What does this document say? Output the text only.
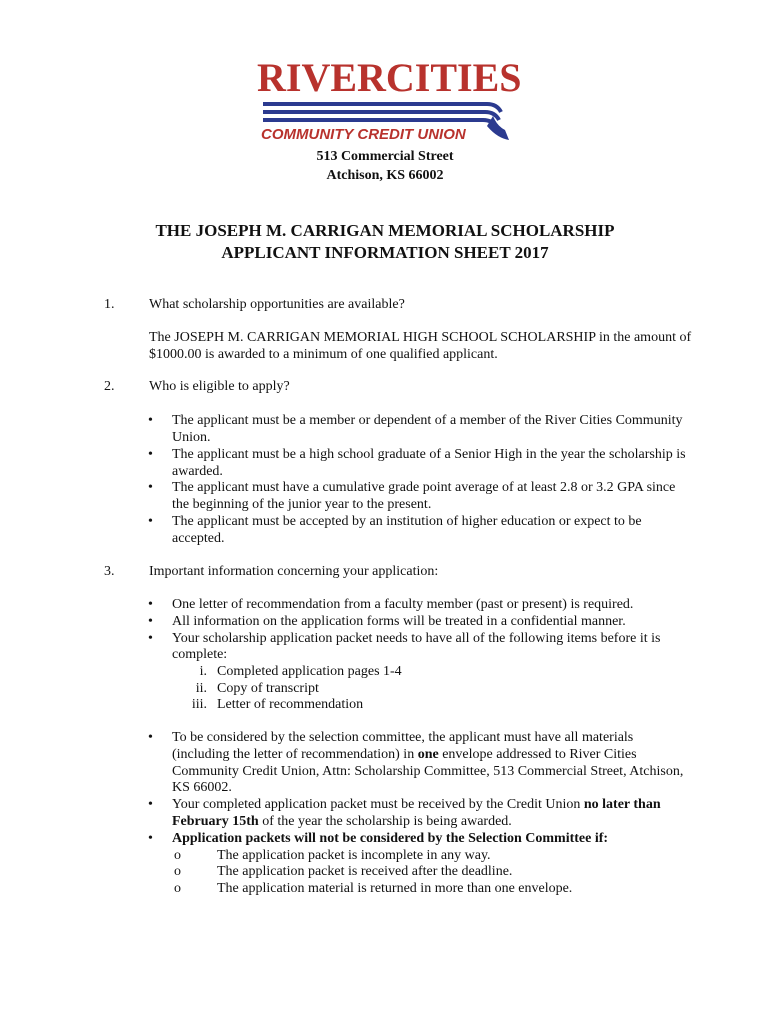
RIVERCITIES
COMMUNITY CREDIT UNION
513 Commercial Street
Atchison, KS 66002
THE JOSEPH M. CARRIGAN MEMORIAL SCHOLARSHIP
APPLICANT INFORMATION SHEET 2017
1. What scholarship opportunities are available?
The JOSEPH M. CARRIGAN MEMORIAL HIGH SCHOOL SCHOLARSHIP in the amount of
$1000.00 is awarded to a minimum of one qualified applicant.
2. Who is eligible to apply?
• The applicant must be a member or dependent of a member of the River Cities Community
Union.
• The applicant must be a high school graduate of a Senior High in the year the scholarship is
awarded.
• The applicant must have a cumulative grade point average of at least 2.8 or 3.2 GPA since
the beginning of the junior year to the present.
• The applicant must be accepted by an institution of higher education or expect to be
accepted.
3. Important information concerning your application:
• One letter of recommendation from a faculty member (past or present) is required.
• All information on the application forms will be treated in a confidential manner.
• Your scholarship application packet needs to have all of the following items before it is
complete:
i. Completed application pages 1-4
ii. Copy of transcript
iii. Letter of recommendation
• To be considered by the selection committee, the applicant must have all materials
(including the letter of recommendation) in one envelope addressed to River Cities
Community Credit Union, Attn: Scholarship Committee, 513 Commercial Street, Atchison,
KS 66002.
• Your completed application packet must be received by the Credit Union no later than
February 15th of the year the scholarship is being awarded.
• Application packets will not be considered by the Selection Committee if:
o	The application packet is incomplete in any way.
o	The application packet is received after the deadline.
o	The application material is returned in more than one envelope.
